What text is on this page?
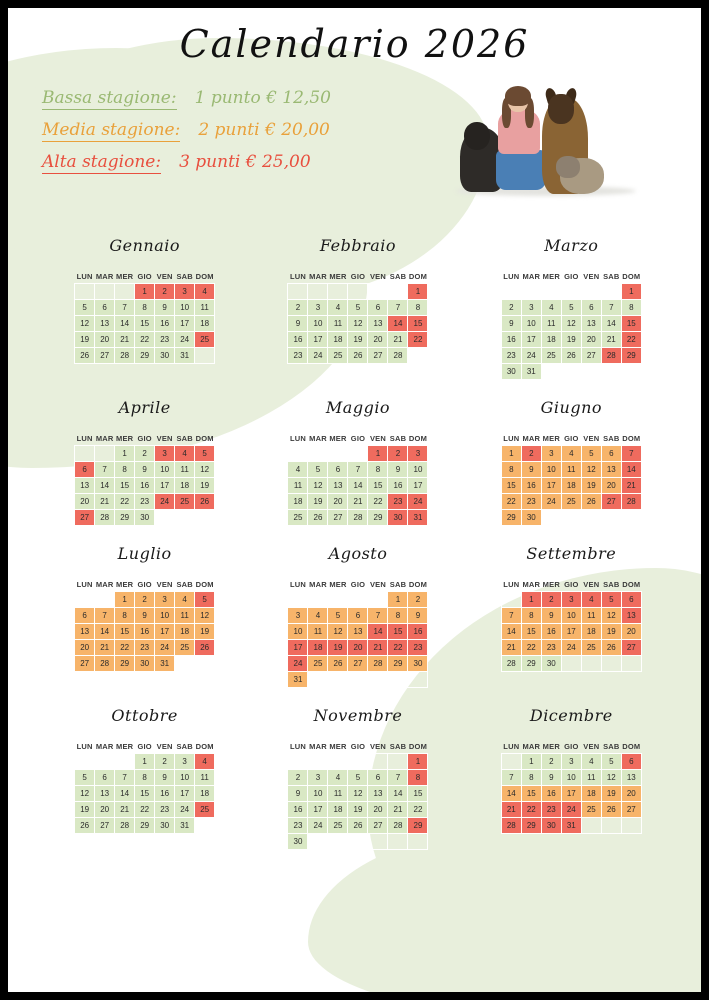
Calendario 2026
Bassa stagione: 1 punto € 12,50
Media stagione: 2 punti € 20,00
Alta stagione: 3 punti € 25,00
Gennaio
LUN	MAR	MER	GIO	VEN	SAB	DOM
			1	2	3	4
5	6	7	8	9	10	11
12	13	14	15	16	17	18
19	20	21	22	23	24	25
26	27	28	29	30	31	
Febbraio
LUN	MAR	MER	GIO	VEN	SAB	DOM
						1
2	3	4	5	6	7	8
9	10	11	12	13	14	15
16	17	18	19	20	21	22
23	24	25	26	27	28	
Marzo
LUN	MAR	MER	GIO	VEN	SAB	DOM
						1
2	3	4	5	6	7	8
9	10	11	12	13	14	15
16	17	18	19	20	21	22
23	24	25	26	27	28	29
30	31					
Aprile
LUN	MAR	MER	GIO	VEN	SAB	DOM
		1	2	3	4	5
6	7	8	9	10	11	12
13	14	15	16	17	18	19
20	21	22	23	24	25	26
27	28	29	30			
Maggio
LUN	MAR	MER	GIO	VEN	SAB	DOM
				1	2	3
4	5	6	7	8	9	10
11	12	13	14	15	16	17
18	19	20	21	22	23	24
25	26	27	28	29	30	31
Giugno
LUN	MAR	MER	GIO	VEN	SAB	DOM
1	2	3	4	5	6	7
8	9	10	11	12	13	14
15	16	17	18	19	20	21
22	23	24	25	26	27	28
29	30					
Luglio
LUN	MAR	MER	GIO	VEN	SAB	DOM
		1	2	3	4	5
6	7	8	9	10	11	12
13	14	15	16	17	18	19
20	21	22	23	24	25	26
27	28	29	30	31		
Agosto
LUN	MAR	MER	GIO	VEN	SAB	DOM
					1	2
3	4	5	6	7	8	9
10	11	12	13	14	15	16
17	18	19	20	21	22	23
24	25	26	27	28	29	30
31						
Settembre
LUN	MAR	MER	GIO	VEN	SAB	DOM
	1	2	3	4	5	6
7	8	9	10	11	12	13
14	15	16	17	18	19	20
21	22	23	24	25	26	27
28	29	30				
Ottobre
LUN	MAR	MER	GIO	VEN	SAB	DOM
			1	2	3	4
5	6	7	8	9	10	11
12	13	14	15	16	17	18
19	20	21	22	23	24	25
26	27	28	29	30	31	
Novembre
LUN	MAR	MER	GIO	VEN	SAB	DOM
						1
2	3	4	5	6	7	8
9	10	11	12	13	14	15
16	17	18	19	20	21	22
23	24	25	26	27	28	29
30						
Dicembre
LUN	MAR	MER	GIO	VEN	SAB	DOM
	1	2	3	4	5	6
7	8	9	10	11	12	13
14	15	16	17	18	19	20
21	22	23	24	25	26	27
28	29	30	31			
